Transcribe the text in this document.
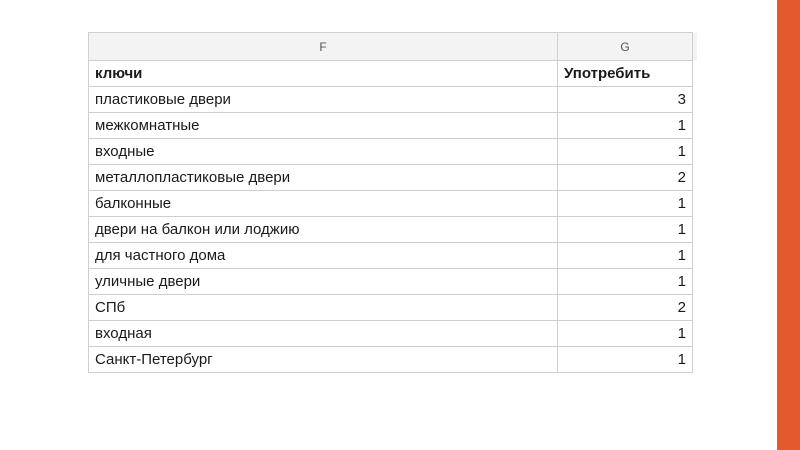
F	G	
ключи	Употребить	
пластиковые двери	3	
межкомнатные	1	
входные	1	
металлопластиковые двери	2	
балконные	1	
двери на балкон или лоджию	1	
для частного дома	1	
уличные двери	1	
СПб	2	
входная	1	
Санкт-Петербург	1	
